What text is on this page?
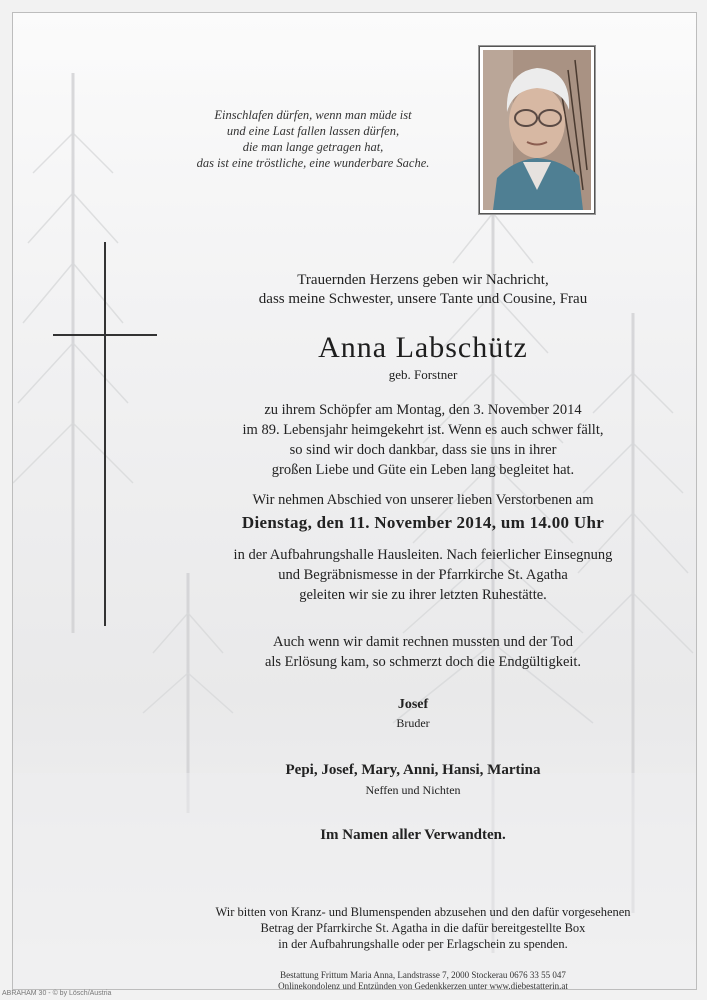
Einschlafen dürfen, wenn man müde ist
und eine Last fallen lassen dürfen,
die man lange getragen hat,
das ist eine tröstliche, eine wunderbare Sache.
Trauernden Herzens geben wir Nachricht,
dass meine Schwester, unsere Tante und Cousine, Frau
Anna Labschütz
geb. Forstner
zu ihrem Schöpfer am Montag, den 3. November 2014
im 89. Lebensjahr heimgekehrt ist. Wenn es auch schwer fällt,
so sind wir doch dankbar, dass sie uns in ihrer
großen Liebe und Güte ein Leben lang begleitet hat.
Wir nehmen Abschied von unserer lieben Verstorbenen am
Dienstag, den 11. November 2014, um 14.00 Uhr
in der Aufbahrungshalle Hausleiten. Nach feierlicher Einsegnung
und Begräbnismesse in der Pfarrkirche St. Agatha
geleiten wir sie zu ihrer letzten Ruhestätte.
Auch wenn wir damit rechnen mussten und der Tod
als Erlösung kam, so schmerzt doch die Endgültigkeit.
Josef
Bruder
Pepi, Josef, Mary, Anni, Hansi, Martina
Neffen und Nichten
Im Namen aller Verwandten.
Wir bitten von Kranz- und Blumenspenden abzusehen und den dafür vorgesehenen
Betrag der Pfarrkirche St. Agatha in die dafür bereitgestellte Box
in der Aufbahrungshalle oder per Erlagschein zu spenden.
Bestattung Frittum Maria Anna, Landstrasse 7, 2000 Stockerau 0676 33 55 047
Onlinekondolenz und Entzünden von Gedenkkerzen unter www.diebestatterin.at
ABRAHAM 30 - © by Lösch/Austria
